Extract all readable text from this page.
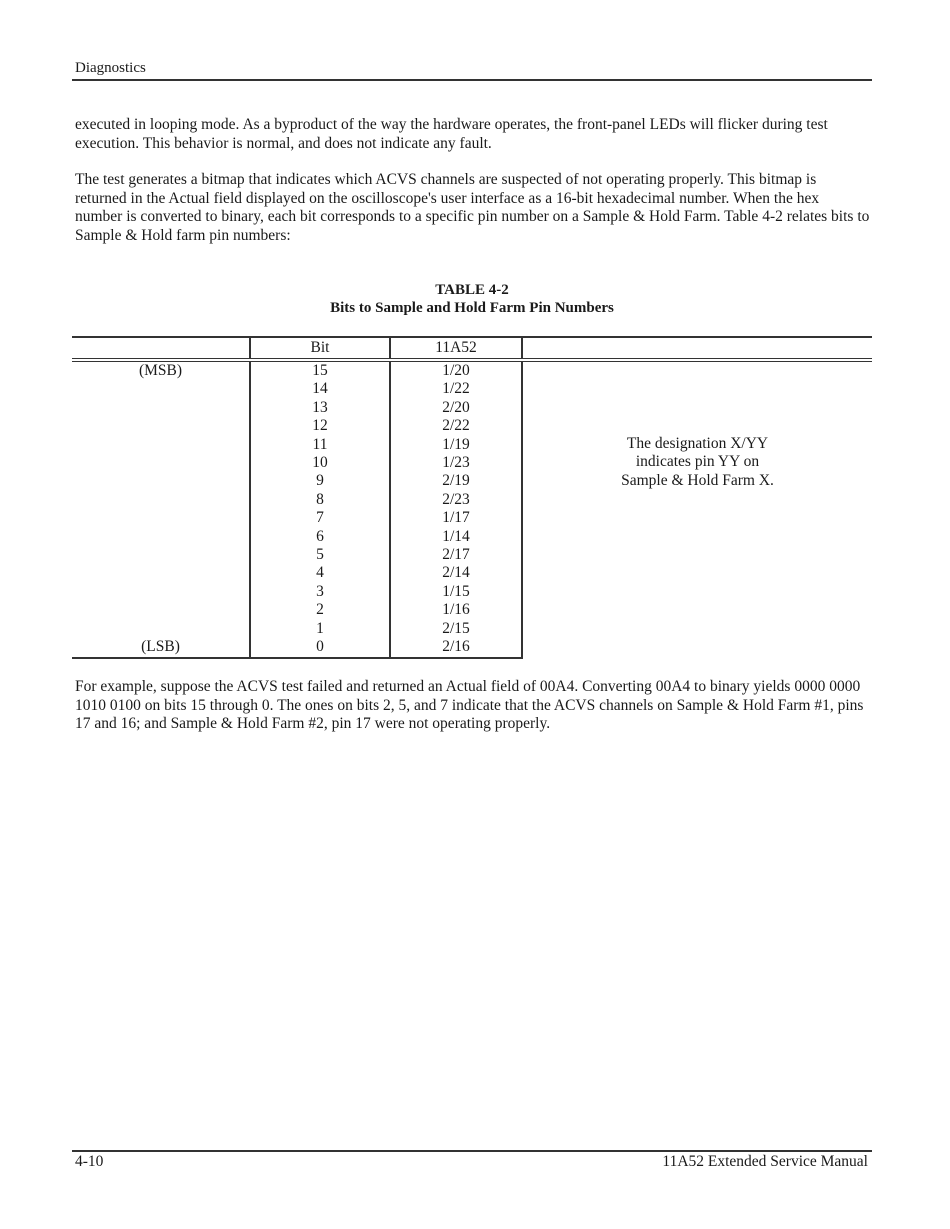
Diagnostics

executed in looping mode. As a byproduct of the way the hardware operates, the front-panel LEDs will flicker during test execution. This behavior is normal, and does not indicate any fault.

The test generates a bitmap that indicates which ACVS channels are suspected of not operating properly. This bitmap is returned in the Actual field displayed on the oscilloscope's user interface as a 16-bit hexadecimal number. When the hex number is converted to binary, each bit corresponds to a specific pin number on a Sample & Hold Farm. Table 4-2 relates bits to Sample & Hold farm pin numbers:

TABLE 4-2
Bits to Sample and Hold Farm Pin Numbers
	Bit	11A52	
(MSB)	15	1/20	The designation X/YY
indicates pin YY on
Sample & Hold Farm X.

	14	1/22	
	13	2/20	
	12	2/22	
	11	1/19	
	10	1/23	
	9	2/19	
	8	2/23	
	7	1/17	
	6	1/14	
	5	2/17	
	4	2/14	
	3	1/15	
	2	1/16	
	1	2/15	
(LSB)	0	2/16	

For example, suppose the ACVS test failed and returned an Actual field of 00A4. Converting 00A4 to binary yields 0000 0000 1010 0100 on bits 15 through 0. The ones on bits 2, 5, and 7 indicate that the ACVS channels on Sample & Hold Farm #1, pins 17 and 16; and Sample & Hold Farm #2, pin 17 were not operating properly.

4-10	11A52 Extended Service Manual
